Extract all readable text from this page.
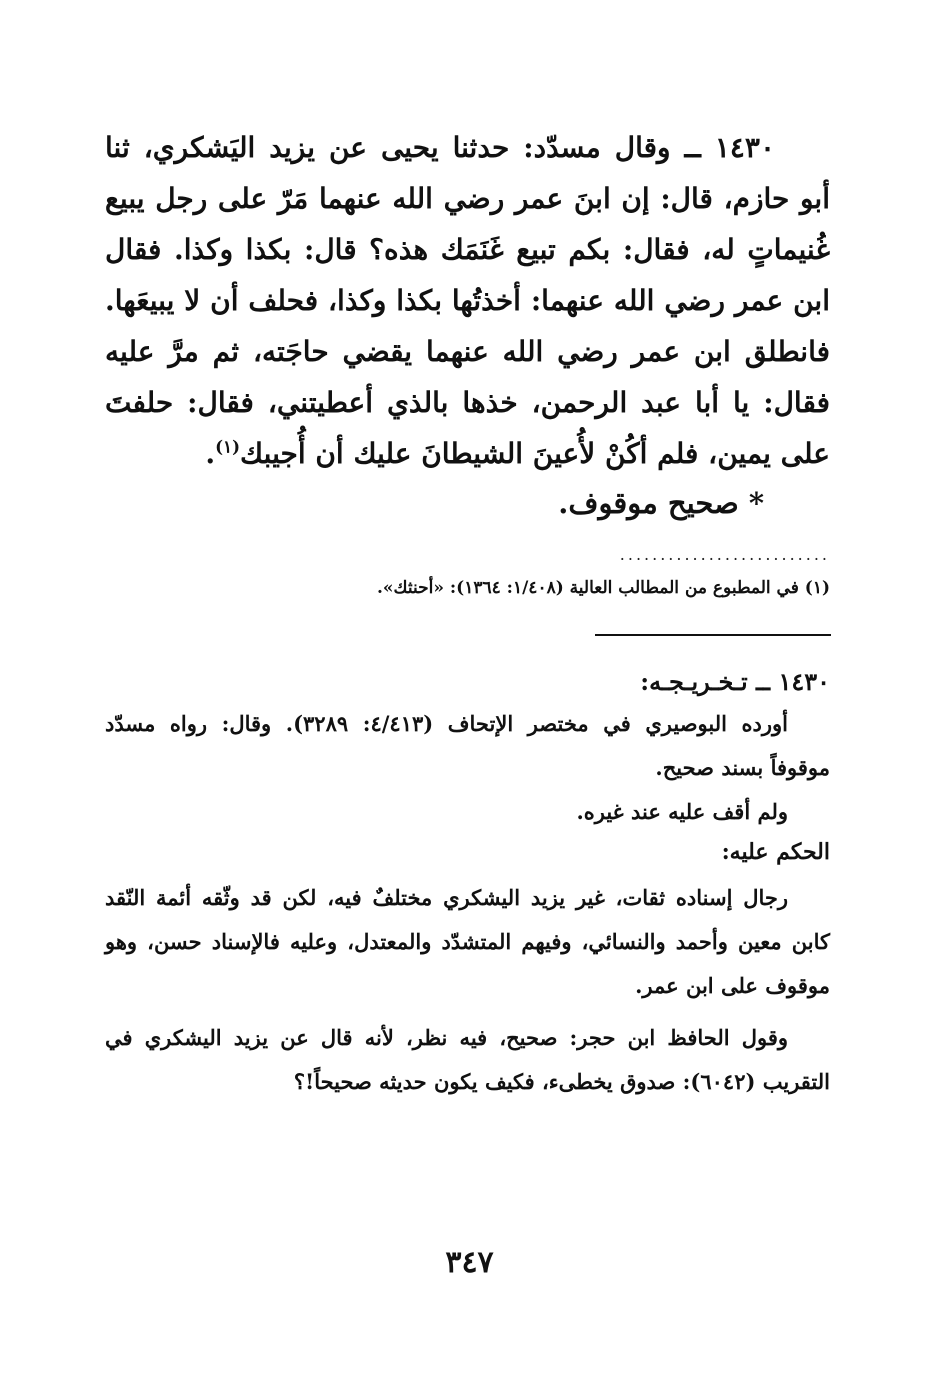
١٤٣٠ ــ وقال مسدّد: حدثنا يحيى عن يزيد اليَشكري، ثنا أبو حازم، قال: إن ابنَ عمر رضي الله عنهما مَرّ على رجل يبيع غُنيماتٍ له، فقال: بكم تبيع غَنَمَك هذه؟ قال: بكذا وكذا. فقال ابن عمر رضي الله عنهما: أخذتُها بكذا وكذا، فحلف أن لا يبيعَها. فانطلق ابن عمر رضي الله عنهما يقضي حاجَته، ثم مرَّ عليه فقال: يا أبا عبد الرحمن، خذها بالذي أعطيتني، فقال: حلفتَ على يمين، فلم أكُنْ لأُعينَ الشيطانَ عليك أن أُجيبك$^{(١)}$.

* صحيح موقوف.
..........................
(١) في المطبوع من المطالب العالية (١/٤٠٨: ١٣٦٤): «أحنثك».
١٤٣٠ ــ تـخـريـجـه:

أورده البوصيري في مختصر الإتحاف (٤/٤١٣: ٣٢٨٩). وقال: رواه مسدّد موقوفاً بسند صحيح.

ولم أقف عليه عند غيره.

الحكم عليه:

رجال إسناده ثقات، غير يزيد اليشكري مختلفٌ فيه، لكن قد وثّقه أئمة النّقد كابن معين وأحمد والنسائي، وفيهم المتشدّد والمعتدل، وعليه فالإسناد حسن، وهو موقوف على ابن عمر.

وقول الحافظ ابن حجر: صحيح، فيه نظر، لأنه قال عن يزيد اليشكري في التقريب (٦٠٤٢): صدوق يخطىء، فكيف يكون حديثه صحيحاً!؟

٣٤٧
